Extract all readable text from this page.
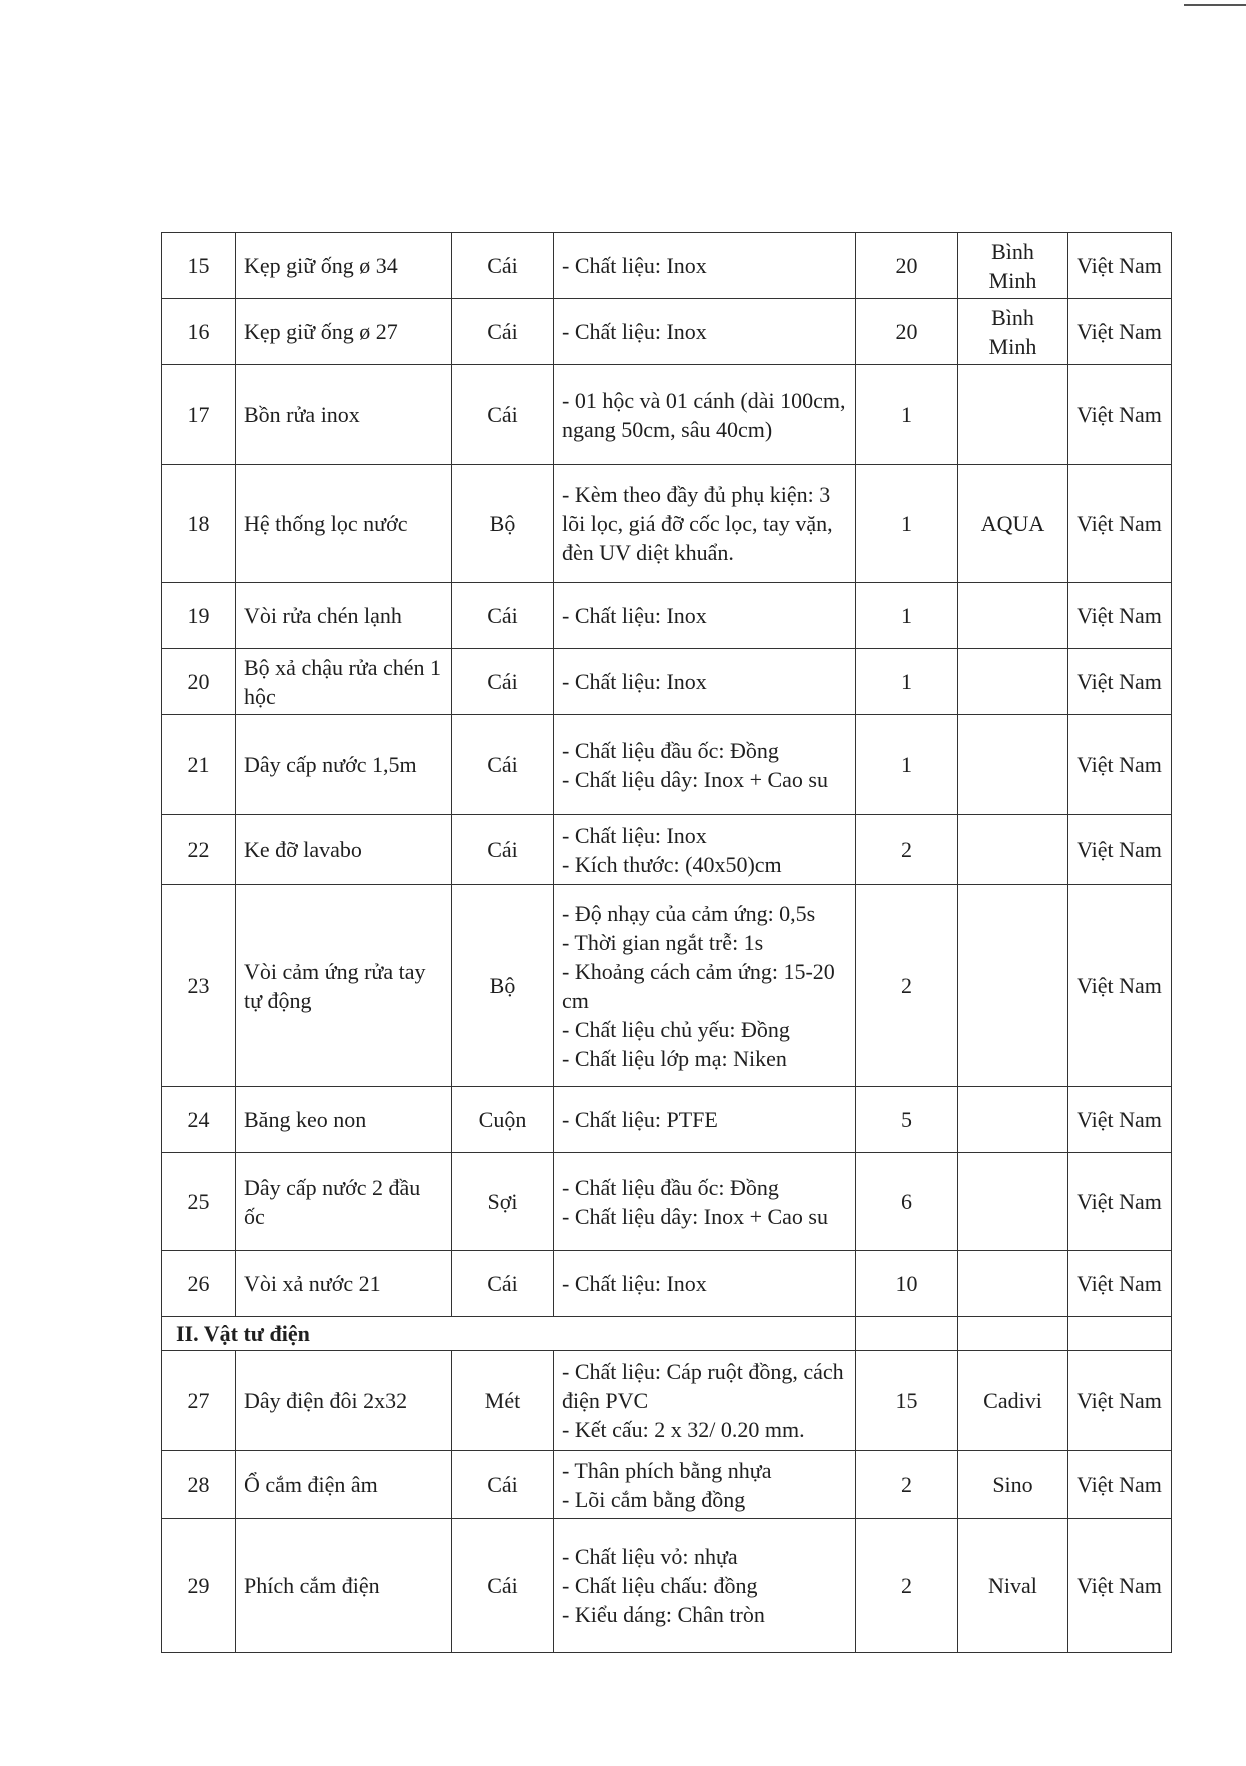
15	Kẹp giữ ống ø 34	Cái	- Chất liệu: Inox	20	Bình Minh	Việt Nam
16	Kẹp giữ ống ø 27	Cái	- Chất liệu: Inox	20	Bình Minh	Việt Nam
17	Bồn rửa inox	Cái	- 01 hộc và 01 cánh (dài 100cm, ngang 50cm, sâu 40cm)	1		Việt Nam
18	Hệ thống lọc nước	Bộ	- Kèm theo đầy đủ phụ kiện: 3 lõi lọc, giá đỡ cốc lọc, tay vặn, đèn UV diệt khuẩn.	1	AQUA	Việt Nam
19	Vòi rửa chén lạnh	Cái	- Chất liệu: Inox	1		Việt Nam
20	Bộ xả chậu rửa chén 1 hộc	Cái	- Chất liệu: Inox	1		Việt Nam
21	Dây cấp nước 1,5m	Cái	- Chất liệu đầu ốc: Đồng
- Chất liệu dây: Inox + Cao su	1		Việt Nam
22	Ke đỡ lavabo	Cái	- Chất liệu: Inox
- Kích thước: (40x50)cm	2		Việt Nam
23	Vòi cảm ứng rửa tay tự động	Bộ	- Độ nhạy của cảm ứng: 0,5s
- Thời gian ngắt trễ: 1s
- Khoảng cách cảm ứng: 15-20 cm
- Chất liệu chủ yếu: Đồng
- Chất liệu lớp mạ: Niken	2		Việt Nam
24	Băng keo non	Cuộn	- Chất liệu: PTFE	5		Việt Nam
25	Dây cấp nước 2 đầu ốc	Sợi	- Chất liệu đầu ốc: Đồng
- Chất liệu dây: Inox + Cao su	6		Việt Nam
26	Vòi xả nước 21	Cái	- Chất liệu: Inox	10		Việt Nam
II. Vật tư điện						
27	Dây điện đôi 2x32	Mét	- Chất liệu: Cáp ruột đồng, cách điện PVC
- Kết cấu: 2 x 32/ 0.20 mm.	15	Cadivi	Việt Nam
28	Ổ cắm điện âm	Cái	- Thân phích bằng nhựa
- Lõi cắm bằng đồng	2	Sino	Việt Nam
29	Phích cắm điện	Cái	- Chất liệu vỏ: nhựa
- Chất liệu chấu: đồng
- Kiểu dáng: Chân tròn	2	Nival	Việt Nam
